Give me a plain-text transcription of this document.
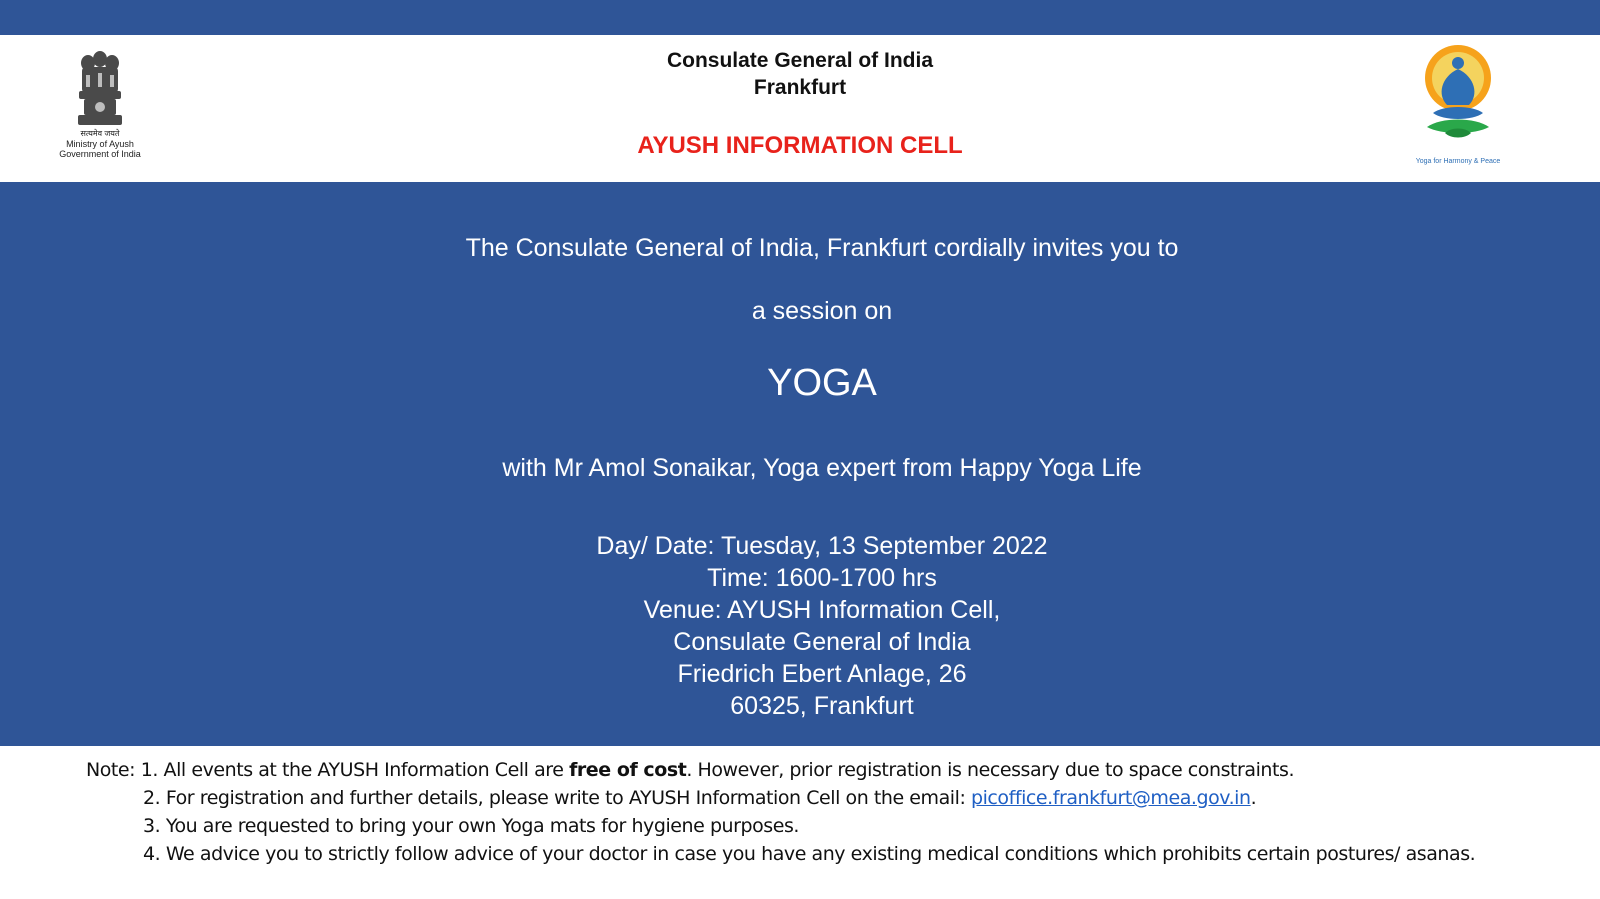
सत्यमेव जयते
Ministry of Ayush
Government of India
Consulate General of India
Frankfurt
AYUSH INFORMATION CELL
Yoga for Harmony & Peace
The Consulate General of India, Frankfurt cordially invites you to
a session on
YOGA
with Mr Amol Sonaikar, Yoga expert from Happy Yoga Life
Day/ Date: Tuesday, 13 September 2022
Time: 1600-1700 hrs
Venue: AYUSH Information Cell,
Consulate General of India
Friedrich Ebert Anlage, 26
60325, Frankfurt
Note: 1. All events at the AYUSH Information Cell are free of cost. However, prior registration is necessary due to space constraints.
2. For registration and further details, please write to AYUSH Information Cell on the email: picoffice.frankfurt@mea.gov.in.
3. You are requested to bring your own Yoga mats for hygiene purposes.
4. We advice you to strictly follow advice of your doctor in case you have any existing medical conditions which prohibits certain postures/ asanas.
